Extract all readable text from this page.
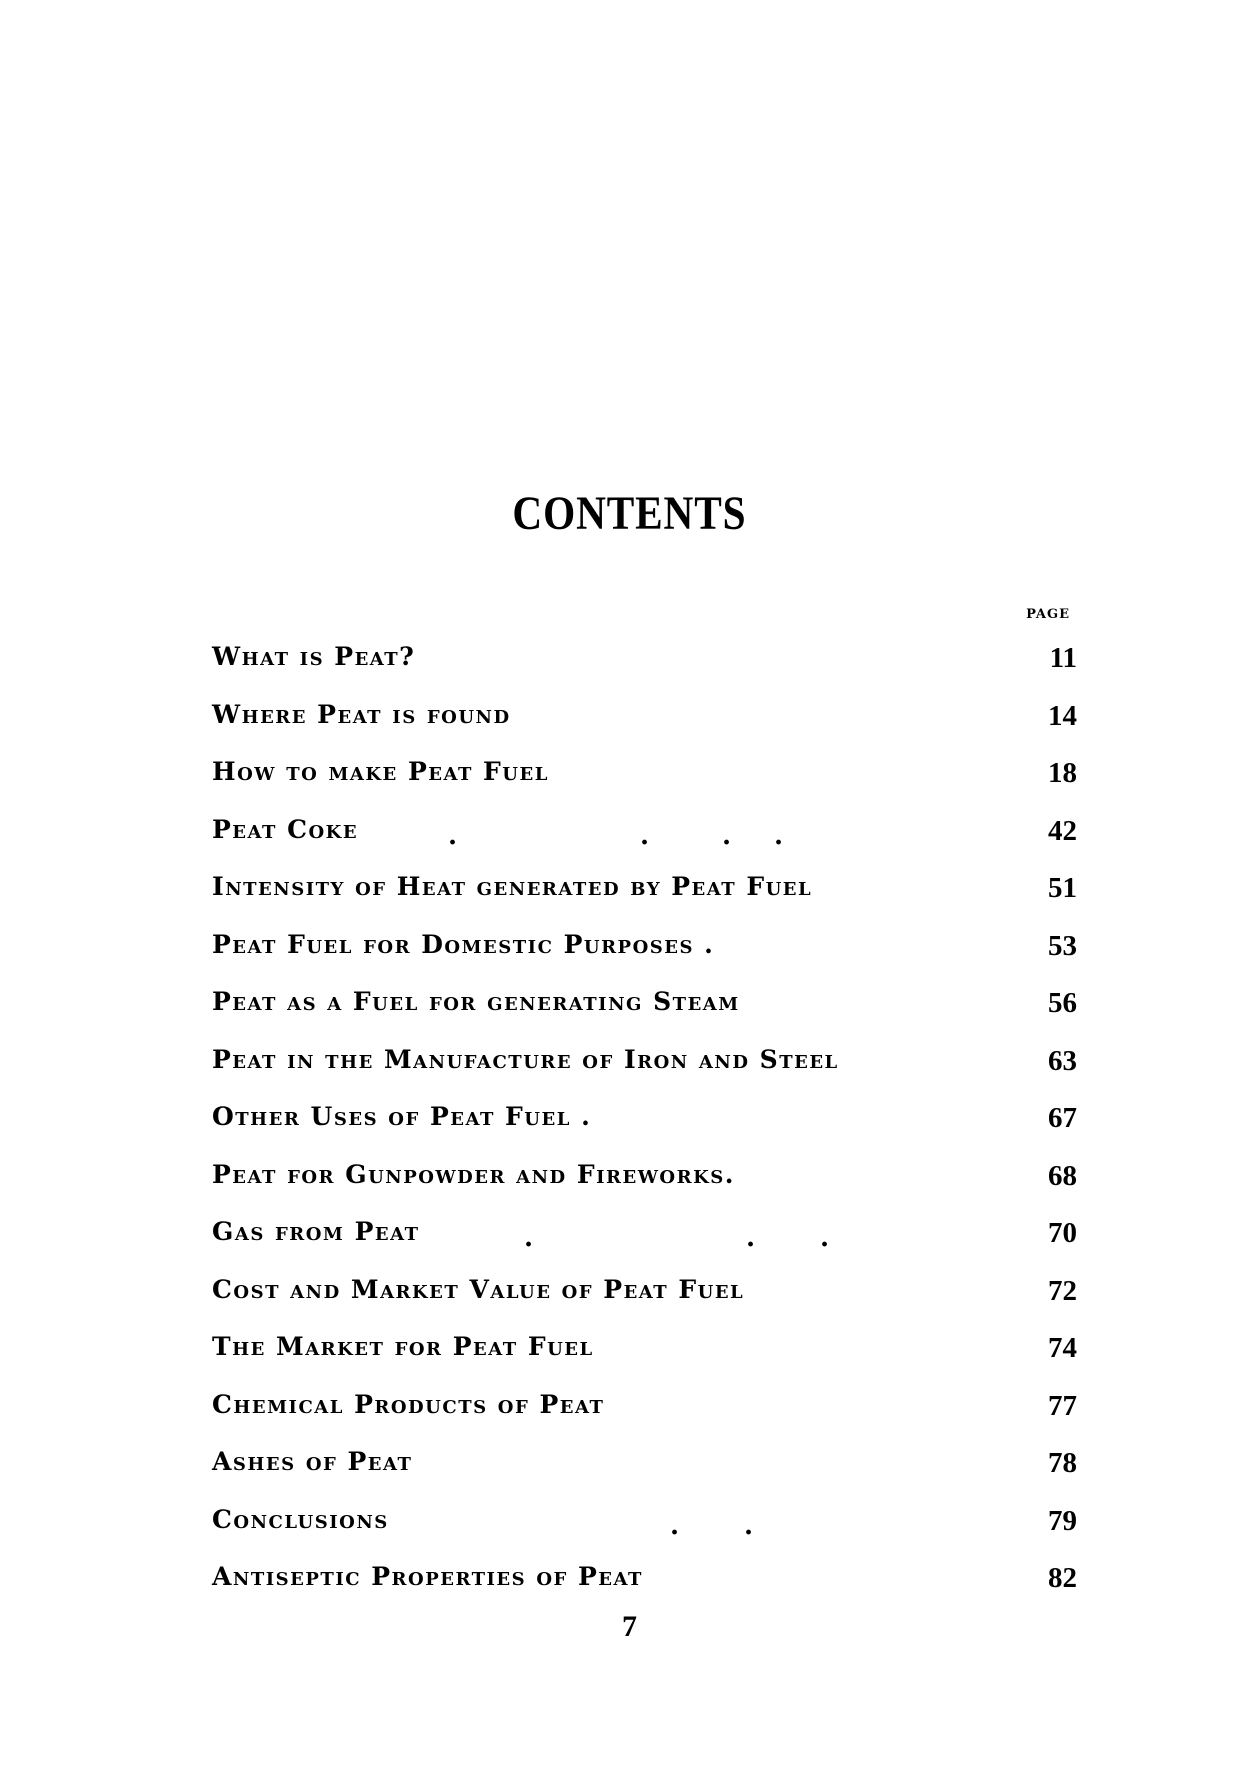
CONTENTS
PAGE
What is Peat?	11
Where Peat is found	14
How to make Peat Fuel	18
Peat Coke	.	.	. .	42
Intensity of Heat generated by Peat Fuel	51
Peat Fuel for Domestic Purposes .	53
Peat as a Fuel for generating Steam	56
Peat in the Manufacture of Iron and Steel	63
Other Uses of Peat Fuel .	67
Peat for Gunpowder and Fireworks.	68
Gas from Peat	.	. .	70
Cost and Market Value of Peat Fuel	72
The Market for Peat Fuel	74
Chemical Products of Peat	77
Ashes of Peat	78
Conclusions	. .	79
Antiseptic Properties of Peat	82
7
